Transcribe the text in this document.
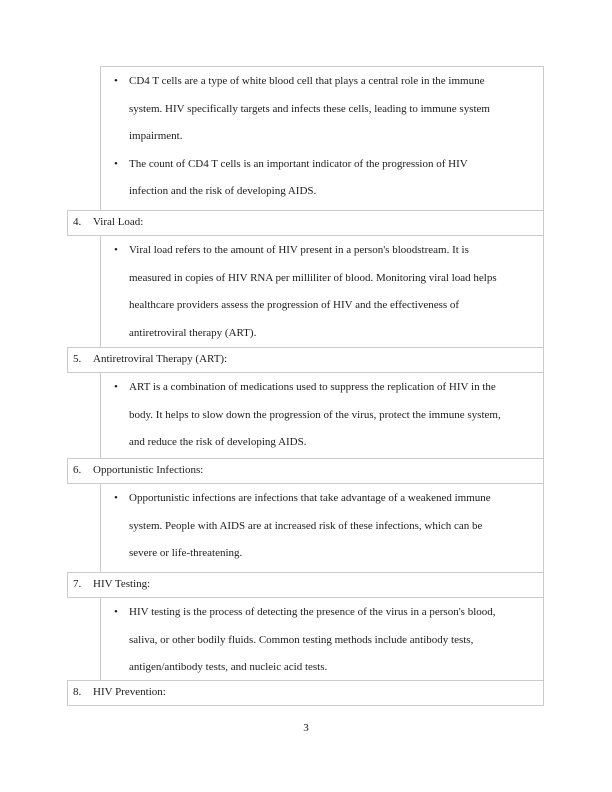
• CD4 T cells are a type of white blood cell that plays a central role in the immune
system. HIV specifically targets and infects these cells, leading to immune system
impairment.
• The count of CD4 T cells is an important indicator of the progression of HIV
infection and the risk of developing AIDS.
4. Viral Load:
• Viral load refers to the amount of HIV present in a person's bloodstream. It is
measured in copies of HIV RNA per milliliter of blood. Monitoring viral load helps
healthcare providers assess the progression of HIV and the effectiveness of
antiretroviral therapy (ART).
5. Antiretroviral Therapy (ART):
• ART is a combination of medications used to suppress the replication of HIV in the
body. It helps to slow down the progression of the virus, protect the immune system,
and reduce the risk of developing AIDS.
6. Opportunistic Infections:
• Opportunistic infections are infections that take advantage of a weakened immune
system. People with AIDS are at increased risk of these infections, which can be
severe or life-threatening.
7. HIV Testing:
• HIV testing is the process of detecting the presence of the virus in a person's blood,
saliva, or other bodily fluids. Common testing methods include antibody tests,
antigen/antibody tests, and nucleic acid tests.
8. HIV Prevention:
3
